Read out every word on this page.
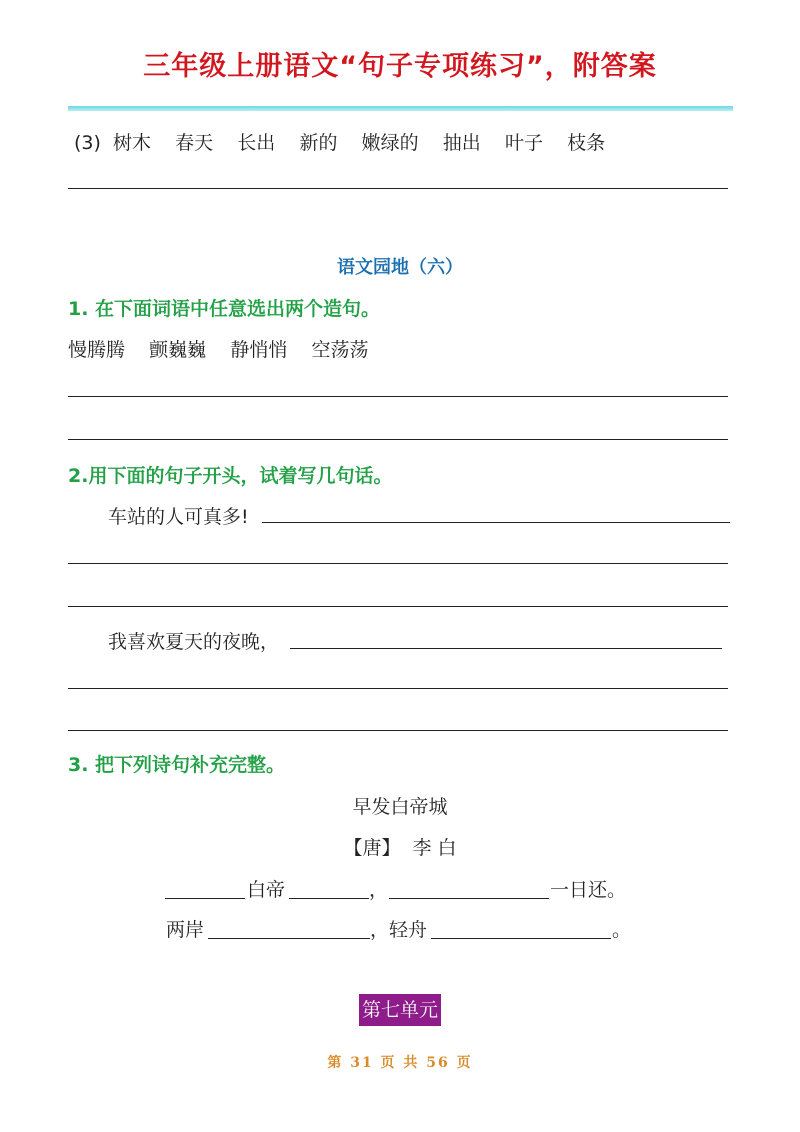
三年级上册语文“句子专项练习”，附答案
(3)  树木    春天    长出    新的    嫩绿的    抽出    叶子    枝条
语文园地（六）
1. 在下面词语中任意选出两个造句。
慢腾腾    颤巍巍    静悄悄    空荡荡
2.用下面的句子开头，试着写几句话。
车站的人可真多!
我喜欢夏天的夜晚，
3. 把下列诗句补充完整。
早发白帝城
【唐】  李 白
白帝	，	一日还。
两岸	，轻舟	。
第七单元
第 31 页 共 56 页
